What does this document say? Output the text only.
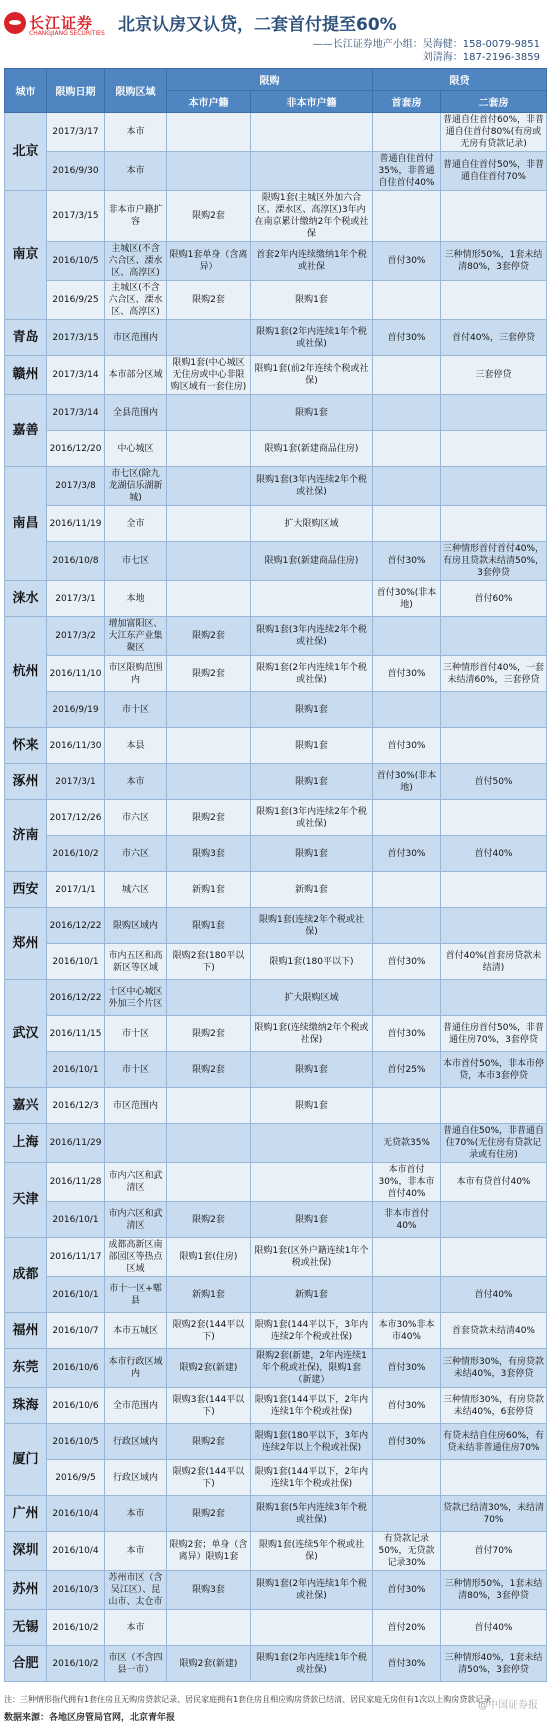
长江证券
CHANGJIANG SECURITIES 北京认房又认贷，二套首付提至60%
——长江证券地产小组：吴海健：158-0079-9851
刘清海：187-2196-3859
城市	限购日期	限购区域	限购		限贷	
			本市户籍	非本市户籍	首套房	二套房
北京	2017/3/17	本市				普通自住首付60%，非普通自住首付80%(有房或无房有贷款记录)
	2016/9/30	本市			普通自住首付35%，非普通自住首付40%	普通自住首付50%，非普通自住首付70%
南京	2017/3/15	非本市户籍扩容	限购2套	限购1套(主城区外加六合区、溧水区、高淳区)3年内在南京累计缴纳2年个税或社保		
	2016/10/5	主城区(不含六合区、溧水区、高淳区)	限购1套单身（含离异）	首套2年内连续缴纳1年个税或社保	首付30%	三种情形50%，1套未结清80%，3套停贷
	2016/9/25	主城区(不含六合区、溧水区、高淳区)	限购2套	限购1套		
青岛	2017/3/15	市区范围内		限购1套(2年内连续1年个税或社保)	首付30%	首付40%，三套停贷
赣州	2017/3/14	本市部分区域	限购1套(中心城区无住房或中心非限购区域有一套住房)	限购1套(前2年连续个税或社保)		三套停贷
嘉善	2017/3/14	全县范围内		限购1套		
	2016/12/20	中心城区		限购1套(新建商品住房)		
南昌	2017/3/8	市七区(除九龙湖信乐湖新城)		限购1套(3年内连续2年个税或社保)		
	2016/11/19	全市		扩大限购区域		
	2016/10/8	市七区		限购1套(新建商品住房)	首付30%	三种情形首付首付40%，有房且贷款未结清50%，3套停贷
涞水	2017/3/1	本地			首付30%(非本地)	首付60%
杭州	2017/3/2	增加富阳区、大江东产业集聚区	限购2套	限购1套(3年内连续2年个税或社保)		
	2016/11/10	市区限购范围内	限购2套	限购1套(2年内连续1年个税或社保)	首付30%	三种情形首付40%，一套未结清60%，三套停贷
	2016/9/19	市十区		限购1套		
怀来	2016/11/30	本县		限购1套	首付30%	
涿州	2017/3/1	本市		限购1套	首付30%(非本地)	首付50%
济南	2017/12/26	市六区	限购2套	限购1套(3年内连续2年个税或社保)		
	2016/10/2	市六区	限购3套	限购1套	首付30%	首付40%
西安	2017/1/1	城六区	新购1套	新购1套		
郑州	2016/12/22	限购区域内	限购1套	限购1套(连续2年个税或社保)		
	2016/10/1	市内五区和高新区等区域	限购2套(180平以下)	限购1套(180平以下)	首付30%	首付40%(首套房贷款未结清)
武汉	2016/12/22	十区中心城区外加三个片区		扩大限购区域		
	2016/11/15	市十区	限购2套	限购1套(连续缴纳2年个税或社保)	首付30%	普通住房首付50%，非普通住房70%，3套停贷
	2016/10/1	市十区	限购2套	限购1套	首付25%	本市首付50%，非本市停贷，本市3套停贷
嘉兴	2016/12/3	市区范围内		限购1套		
上海	2016/11/29				无贷款35%	普通自住50%，非普通自住70%(无住房有贷款记录或有住房)
天津	2016/11/28	市内六区和武清区			本市首付30%，非本市首付40%	本市有贷首付40%
	2016/10/1	市内六区和武清区	限购2套	限购1套	非本市首付40%	
成都	2016/11/17	成都高新区南部园区等热点区域	限购1套(住房)	限购1套(区外户籍连续1年个税或社保)		
	2016/10/1	市十一区+郫县	新购1套	新购1套		首付40%
福州	2016/10/7	本市五城区	限购2套(144平以下)	限购1套(144平以下，3年内连续2年个税或社保)	本市30%非本市40%	首套贷款未结清40%
东莞	2016/10/6	本市行政区域内	限购2套(新建)	限购2套(新建，2年内连续1年个税或社保)，限购1套（新建）	首付30%	三种情形30%，有房贷款未结40%，3套停贷
珠海	2016/10/6	全市范围内	限购3套(144平以下)	限购1套(144平以下，2年内连续1年个税或社保)	首付30%	三种情形30%，有房贷款未结40%，6套停贷
厦门	2016/10/5	行政区域内	限购2套	限购1套(180平以下，3年内连续2年以上个税或社保)	首付30%	有贷未结自住房60%，有贷未结非普通住房70%
	2016/9/5	行政区域内	限购2套(144平以下)	限购1套(144平以下，2年内连续1年个税或社保)		
广州	2016/10/4	本市	限购2套	限购1套(5年内连续3年个税或社保)		贷款已结清30%，未结清70%
深圳	2016/10/4	本市	限购2套；单身（含离异）限购1套	限购1套(连续5年个税或社保)	有贷款记录50%，无贷款记录30%	首付70%
苏州	2016/10/3	苏州市区（含吴江区）、昆山市、太仓市	限购3套	限购1套(2年内连续1年个税或社保)	首付30%	三种情形50%，1套未结清80%，3套停贷
无锡	2016/10/2	本市			首付20%	首付40%
合肥	2016/10/2	市区（不含四县一市）	限购2套(新建)	限购1套(2年内连续1年个税或社保)	首付30%	三种情形40%，1套未结清50%，3套停贷
注：三种情形指代拥有1套住房且无购房贷款记录、居民家庭拥有1套住房且相应购房贷款已结清、居民家庭无房但有1次以上购房贷款记录
数据来源：各地区房管局官网，北京青年报
@中国证券报
